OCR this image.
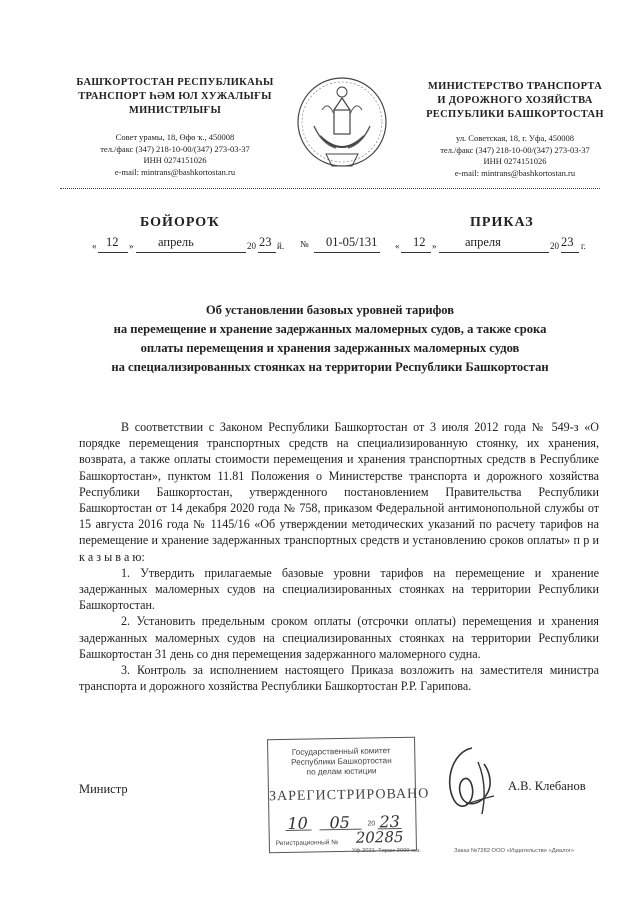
БАШҠОРТОСТАН РЕСПУБЛИКАҺЫ
ТРАНСПОРТ ҺӘМ ЮЛ ХУЖАЛЫҒЫ
МИНИСТРЛЫҒЫ
Совет урамы, 18, Өфө ҡ., 450008
тел./факс (347) 218-10-00/(347) 273-03-37
ИНН 0274151026
e-mail: mintrans@bashkortostan.ru
МИНИСТЕРСТВО ТРАНСПОРТА
И ДОРОЖНОГО ХОЗЯЙСТВА
РЕСПУБЛИКИ БАШКОРТОСТАН
ул. Советская, 18, г. Уфа, 450008
тел./факс (347) 218-10-00/(347) 273-03-37
ИНН 0274151026
e-mail: mintrans@bashkortostan.ru
БОЙОРОҠ	ПРИКАЗ
« 12 » апрель	20 23 й. № 01-05/131 « 12 » апреля	20 23 г.
Об установлении базовых уровней тарифов
на перемещение и хранение задержанных маломерных судов, а также срока
оплаты перемещения и хранения задержанных маломерных судов
на специализированных стоянках на территории Республики Башкортостан

В соответствии с Законом Республики Башкортостан от 3 июля 2012 года № 549-з «О порядке перемещения транспортных средств на специализированную стоянку, их хранения, возврата, а также оплаты стоимости перемещения и хранения транспортных средств в Республике Башкортостан», пунктом 11.81 Положения о Министерстве транспорта и дорожного хозяйства Республики Башкортостан, утвержденного постановлением Правительства Республики Башкортостан от 14 декабря 2020 года № 758, приказом Федеральной антимонопольной службы от 15 августа 2016 года № 1145/16 «Об утверждении методических указаний по расчету тарифов на перемещение и хранение задержанных транспортных средств и установлению сроков оплаты» п р и к а з ы в а ю:

1. Утвердить прилагаемые базовые уровни тарифов на перемещение и хранение задержанных маломерных судов на специализированных стоянках на территории Республики Башкортостан.

2. Установить предельным сроком оплаты (отсрочки оплаты) перемещения и хранения задержанных маломерных судов на специализированных стоянках на территории Республики Башкортостан 31 день со дня перемещения задержанного маломерного судна.

3. Контроль за исполнением настоящего Приказа возложить на заместителя министра транспорта и дорожного хозяйства Республики Башкортостан Р.Р. Гарипова.

Министр	А.В. Клебанов
Государственный комитет
Республики Башкортостан
по делам юстиции
ЗАРЕГИСТРИРОВАНО
10 05 20 23
Регистрационный № 20285
Уф.2021. Тираж 3000 экз.	Заказ №7282 ООО «Издательство «Диалог»
